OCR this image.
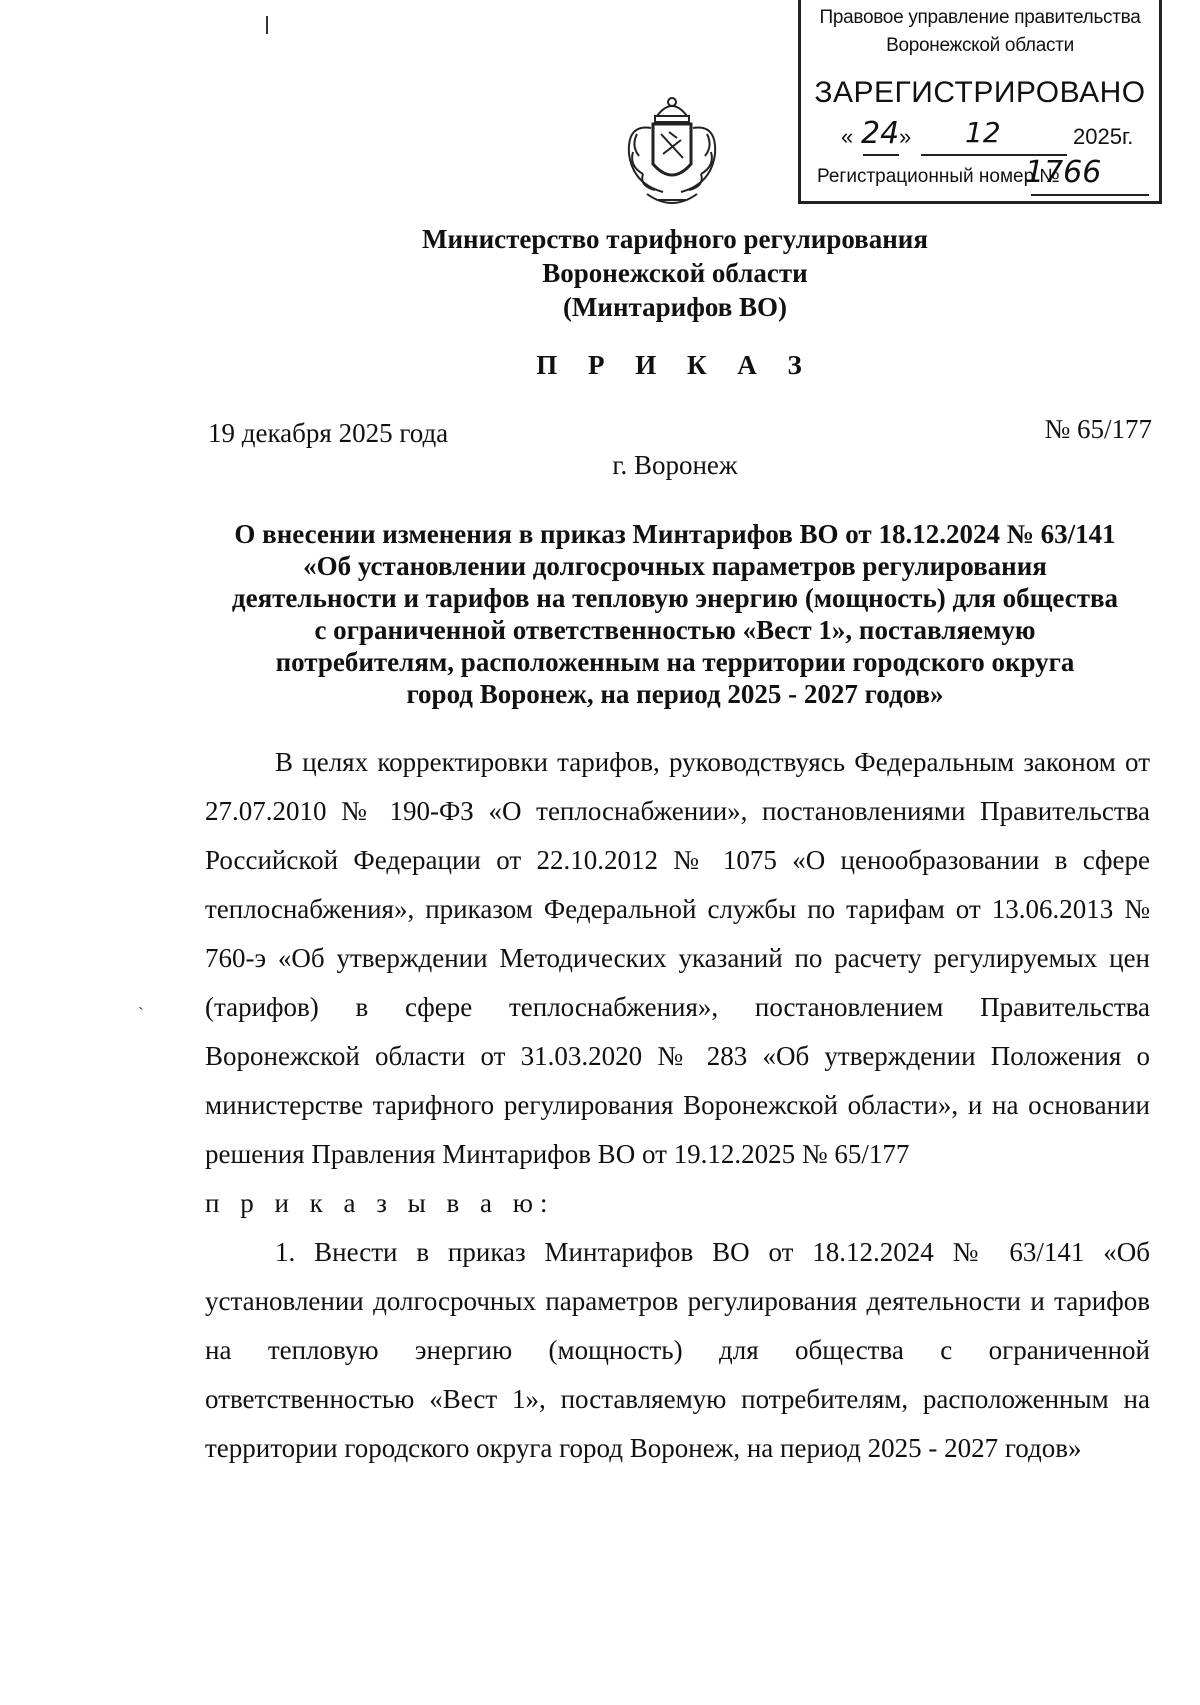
`
Правовое управление правительства
Воронежской области
ЗАРЕГИСТРИРОВАНО
« 24 » 12	2025г.
Регистрационный номер №
1766
Министерство тарифного регулирования
Воронежской области
(Минтарифов ВО)
П Р И К А З
19 декабря 2025 года	№ 65/177
г. Воронеж
О внесении изменения в приказ Минтарифов ВО от 18.12.2024 № 63/141
«Об установлении долгосрочных параметров регулирования
деятельности и тарифов на тепловую энергию (мощность) для общества
с ограниченной ответственностью «Вест 1», поставляемую
потребителям, расположенным на территории городского округа
город Воронеж, на период 2025 - 2027 годов»

В целях корректировки тарифов, руководствуясь Федеральным законом от 27.07.2010 № 190-ФЗ «О теплоснабжении», постановлениями Правительства Российской Федерации от 22.10.2012 № 1075 «О ценообразовании в сфере теплоснабжения», приказом Федеральной службы по тарифам от 13.06.2013 № 760-э «Об утверждении Методических указаний по расчету регулируемых цен (тарифов) в сфере теплоснабжения», постановлением Правительства Воронежской области от 31.03.2020 № 283 «Об утверждении Положения о министерстве тарифного регулирования Воронежской области», и на основании решения Правления Минтарифов ВО от 19.12.2025 № 65/177

п р и к а з ы в а ю:

1. Внести в приказ Минтарифов ВО от 18.12.2024 № 63/141 «Об установлении долгосрочных параметров регулирования деятельности и тарифов на тепловую энергию (мощность) для общества с ограниченной ответственностью «Вест 1», поставляемую потребителям, расположенным на территории городского округа город Воронеж, на период 2025 - 2027 годов»
